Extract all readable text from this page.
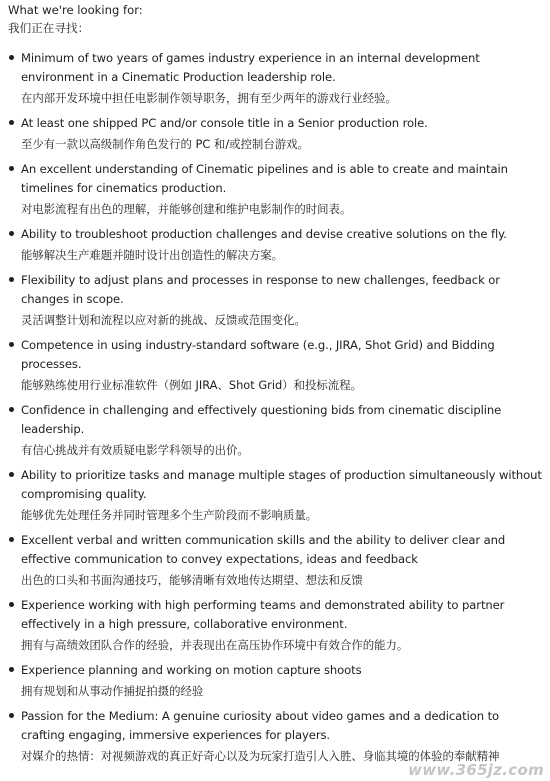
What we're looking for:
我们正在寻找：
Minimum of two years of games industry experience in an internal development environment in a Cinematic Production leadership role.
在内部开发环境中担任电影制作领导职务，拥有至少两年的游戏行业经验。
At least one shipped PC and/or console title in a Senior production role.
至少有一款以高级制作角色发行的 PC 和/或控制台游戏。
An excellent understanding of Cinematic pipelines and is able to create and maintain timelines for cinematics production.
对电影流程有出色的理解，并能够创建和维护电影制作的时间表。
Ability to troubleshoot production challenges and devise creative solutions on the fly.
能够解决生产难题并随时设计出创造性的解决方案。
Flexibility to adjust plans and processes in response to new challenges, feedback or changes in scope.
灵活调整计划和流程以应对新的挑战、反馈或范围变化。
Competence in using industry-standard software (e.g., JIRA, Shot Grid) and Bidding processes.
能够熟练使用行业标准软件（例如 JIRA、Shot Grid）和投标流程。
Confidence in challenging and effectively questioning bids from cinematic discipline leadership.
有信心挑战并有效质疑电影学科领导的出价。
Ability to prioritize tasks and manage multiple stages of production simultaneously without compromising quality.
能够优先处理任务并同时管理多个生产阶段而不影响质量。
Excellent verbal and written communication skills and the ability to deliver clear and effective communication to convey expectations, ideas and feedback
出色的口头和书面沟通技巧，能够清晰有效地传达期望、想法和反馈
Experience working with high performing teams and demonstrated ability to partner effectively in a high pressure, collaborative environment.
拥有与高绩效团队合作的经验，并表现出在高压协作环境中有效合作的能力。
Experience planning and working on motion capture shoots
拥有规划和从事动作捕捉拍摄的经验
Passion for the Medium: A genuine curiosity about video games and a dedication to crafting engaging, immersive experiences for players.
对媒介的热情：对视频游戏的真正好奇心以及为玩家打造引人入胜、身临其境的体验的奉献精神
www.365jz.com
